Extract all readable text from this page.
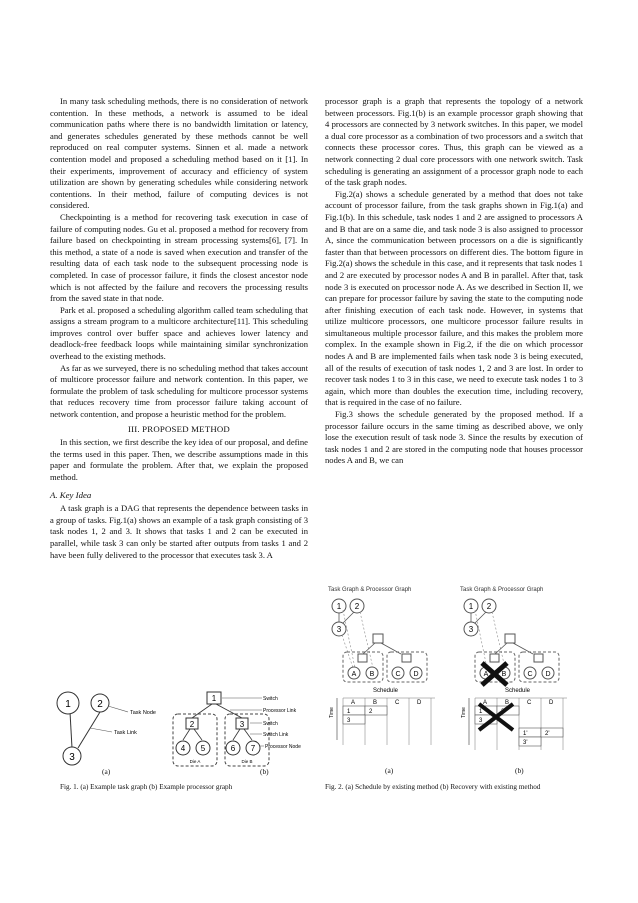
In many task scheduling methods, there is no consideration of network contention. In these methods, a network is assumed to be ideal communication paths where there is no bandwidth limitation or latency, and generates schedules generated by these methods cannot be well reproduced on real computer systems. Sinnen et al. made a network contention model and proposed a scheduling method based on it [1]. In their experiments, improvement of accuracy and efficiency of system utilization are shown by generating schedules while considering network contentions. In their method, failure of computing devices is not considered.

Checkpointing is a method for recovering task execution in case of failure of computing nodes. Gu et al. proposed a method for recovery from failure based on checkpointing in stream processing systems[6], [7]. In this method, a state of a node is saved when execution and transfer of the resulting data of each task node to the subsequent processing node is completed. In case of processor failure, it finds the closest ancestor node which is not affected by the failure and recovers the processing results from the saved state in that node.

Park et al. proposed a scheduling algorithm called team scheduling that assigns a stream program to a multicore architecture[11]. This scheduling improves control over buffer space and achieves lower latency and deadlock-free feedback loops while maintaining similar synchronization overhead to the existing methods.

As far as we surveyed, there is no scheduling method that takes account of multicore processor failure and network contention. In this paper, we formulate the problem of task scheduling for multicore processor systems that reduces recovery time from processor failure taking account of network contention, and propose a heuristic method for the problem.

III. PROPOSED METHOD

In this section, we first describe the key idea of our proposal, and define the terms used in this paper. Then, we describe assumptions made in this paper and formulate the problem. After that, we explain the proposed method.

A. Key Idea

A task graph is a DAG that represents the dependence between tasks in a group of tasks. Fig.1(a) shows an example of a task graph consisting of 3 task nodes 1, 2 and 3. It shows that tasks 1 and 2 can be executed in parallel, while task 3 can only be started after outputs from tasks 1 and 2 have been fully delivered to the processor that executes task 3. A

processor graph is a graph that represents the topology of a network between processors. Fig.1(b) is an example processor graph showing that 4 processors are connected by 3 network switches. In this paper, we model a dual core processor as a combination of two processors and a switch that connects these processor cores. Thus, this graph can be viewed as a network connecting 2 dual core processors with one network switch. Task scheduling is generating an assignment of a processor graph node to each of the task graph nodes.

Fig.2(a) shows a schedule generated by a method that does not take account of processor failure, from the task graphs shown in Fig.1(a) and Fig.1(b). In this schedule, task nodes 1 and 2 are assigned to processors A and B that are on a same die, and task node 3 is also assigned to processor A, since the communication between processors on a die is significantly faster than that between processors on different dies. The bottom figure in Fig.2(a) shows the schedule in this case, and it represents that task nodes 1 and 2 are executed by processor nodes A and B in parallel. After that, task node 3 is executed on processor node A. As we described in Section II, we can prepare for processor failure by saving the state to the computing node after finishing execution of each task node. However, in systems that utilize multicore processors, one multicore processor failure results in simultaneous multiple processor failure, and this makes the problem more complex. In the example shown in Fig.2, if the die on which processor nodes A and B are implemented fails when task node 3 is being executed, all of the results of execution of task nodes 1, 2 and 3 are lost. In order to recover task nodes 1 to 3 in this case, we need to execute task nodes 1 to 3 again, which more than doubles the execution time, including recovery, that is required in the case of no failure.

Fig.3 shows the schedule generated by the proposed method. If a processor failure occurs in the same timing as described above, we only lose the execution result of task node 3. Since the results by execution of task nodes 1 and 2 are stored in the computing node that houses processor nodes A and B, we can

1	2
3
Task Node
Task Link
1
2	3
4 5	6 7
Die A	Die B
Switch
Processor Link
Switch
Switch Link
Processor Node
(a)	(b)
Fig. 1. (a) Example task graph (b) Example processor graph
Task Graph & Processor Graph
1 2
3
A B	C D
Schedule
Time
A	B	C	D
1	2
3
Task Graph & Processor Graph
1 2
3
A B	C D
Schedule
Time
A	B	C	D
1
3
1'	2'
3'
(a)	(b)
Fig. 2. (a) Schedule by existing method (b) Recovery with existing method
